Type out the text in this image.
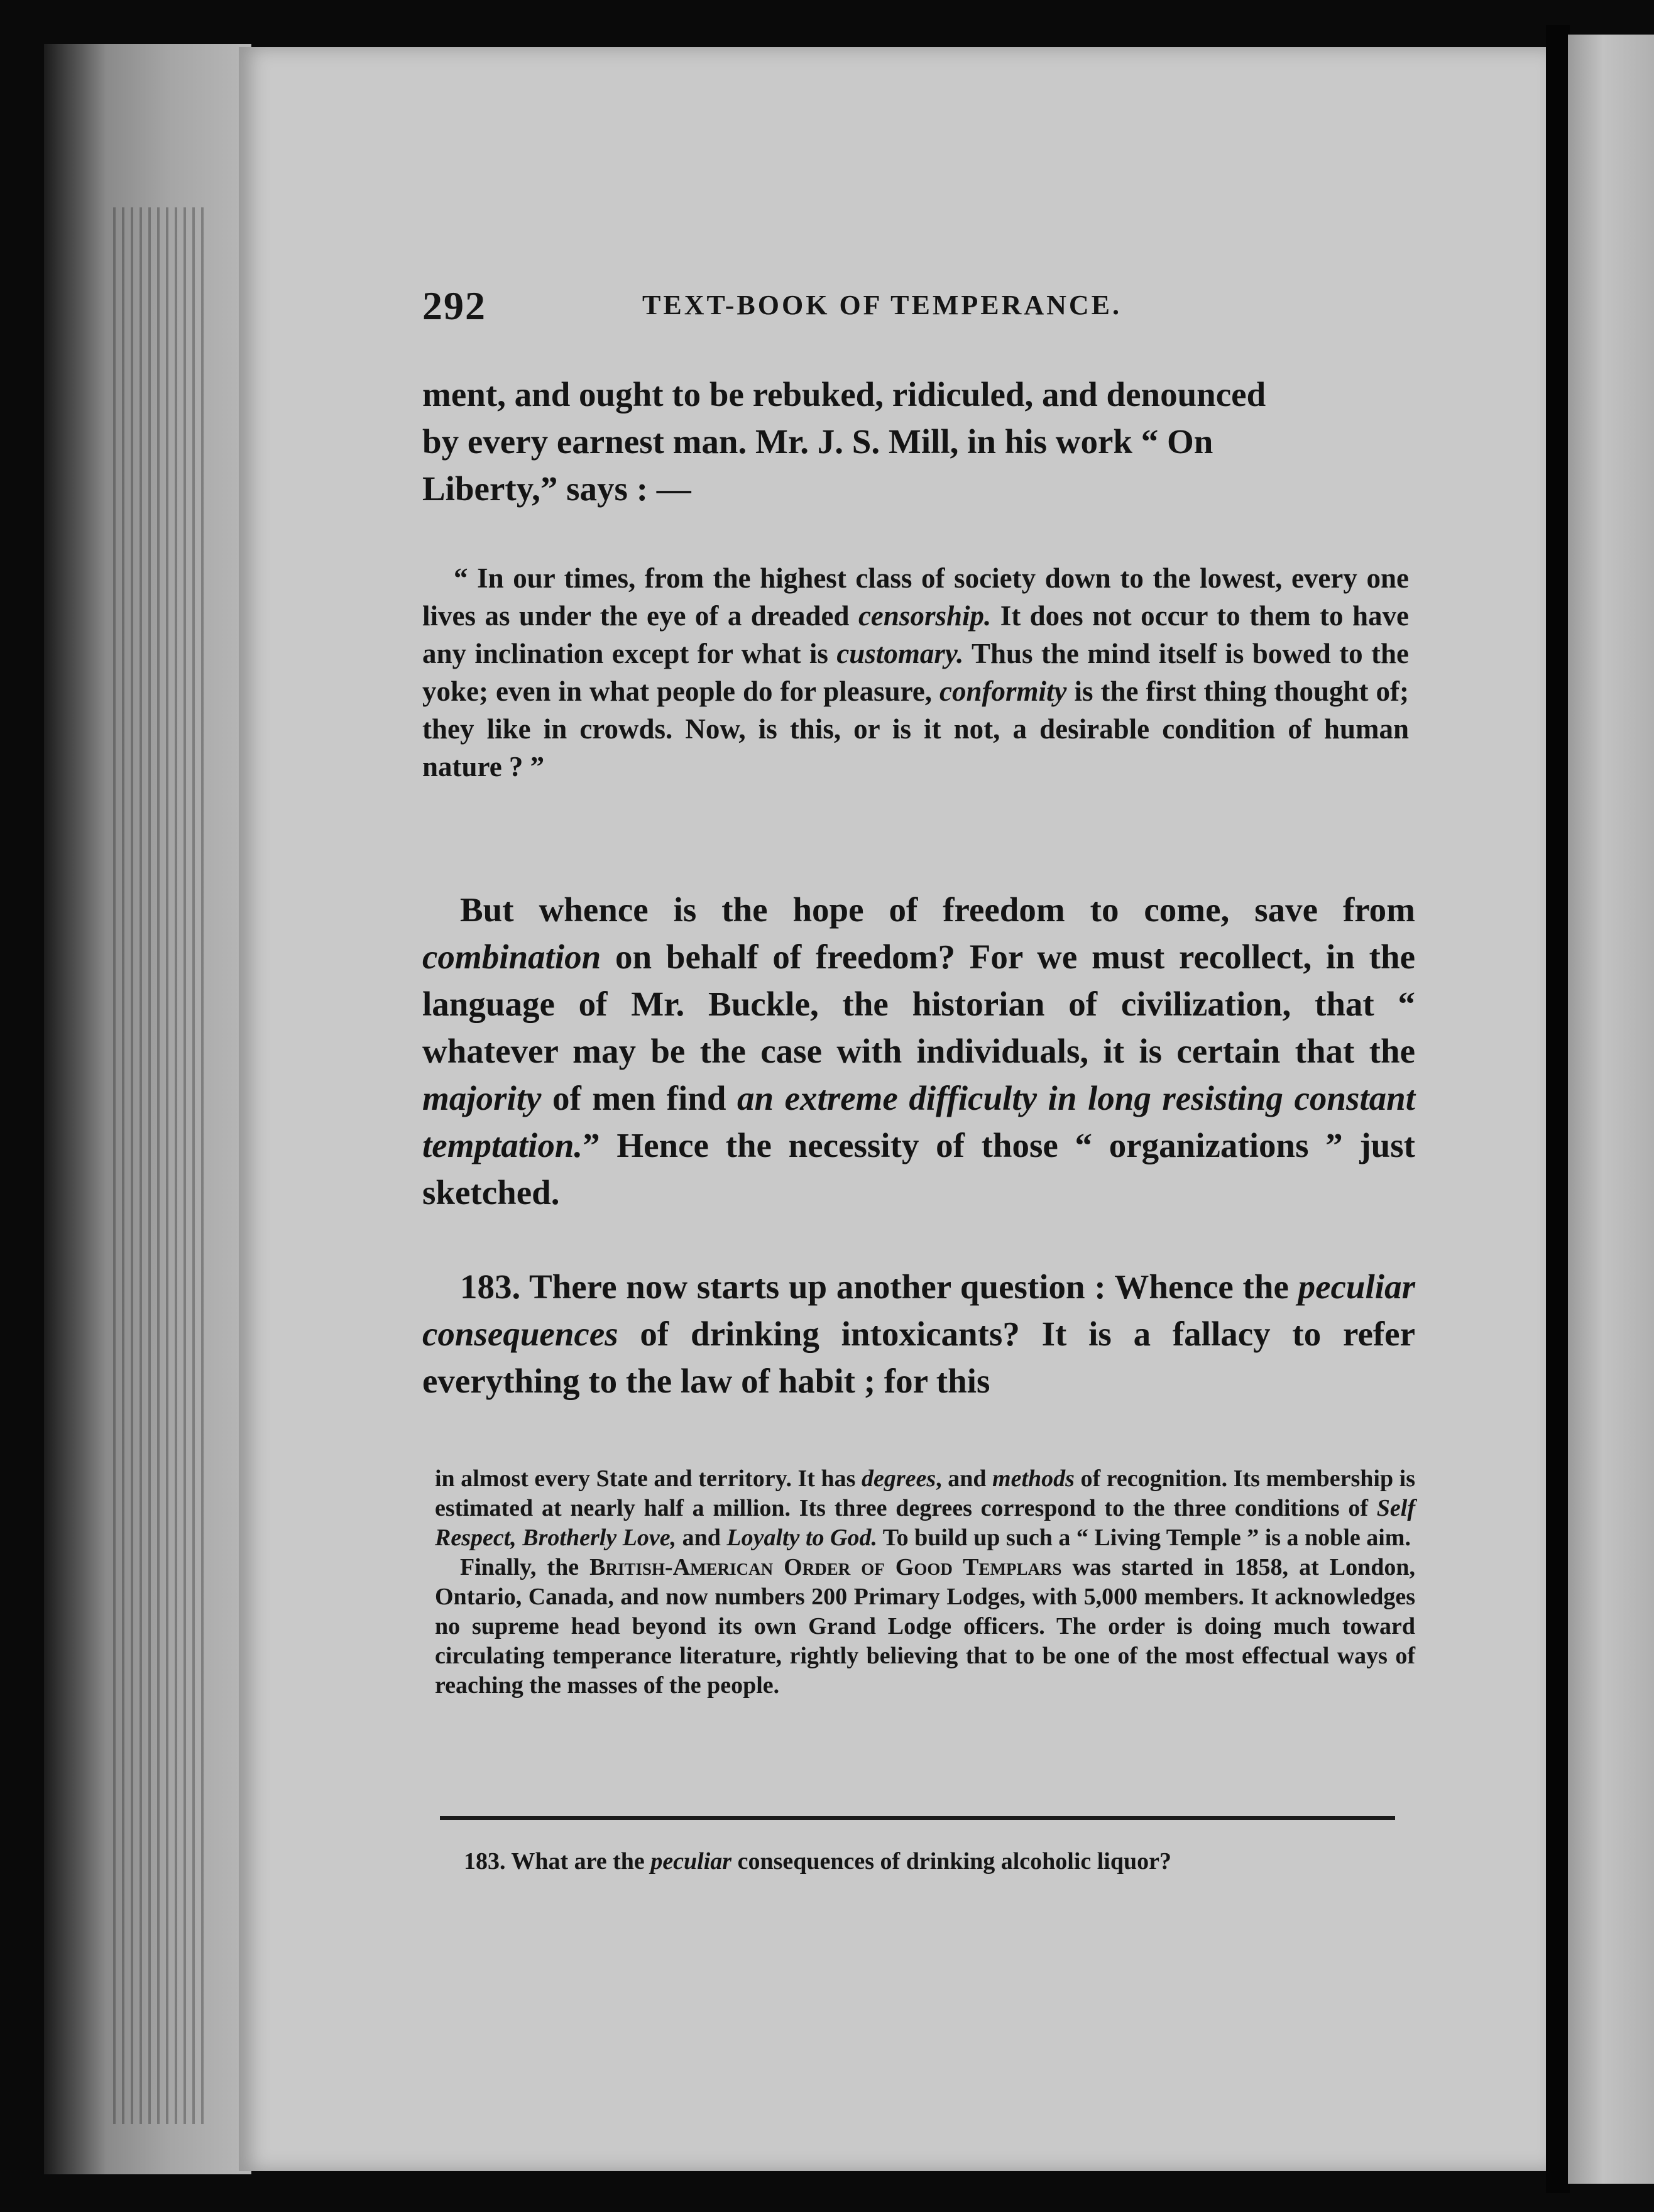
292	TEXT-BOOK OF TEMPERANCE.

ment, and ought to be rebuked, ridiculed, and denounced

by every earnest man. Mr. J. S. Mill, in his work “ On

Liberty,” says : —

“ In our times, from the highest class of society down to the lowest, every one lives as under the eye of a dreaded censorship. It does not occur to them to have any inclination except for what is customary. Thus the mind itself is bowed to the yoke; even in what people do for pleasure, conformity is the first thing thought of; they like in crowds. Now, is this, or is it not, a desirable condition of human nature ? ”

But whence is the hope of freedom to come, save from combination on behalf of freedom? For we must recollect, in the language of Mr. Buckle, the historian of civilization, that “ whatever may be the case with individuals, it is certain that the majority of men find an extreme difficulty in long resisting constant temptation.” Hence the necessity of those “ organizations ” just sketched.

183. There now starts up another question : Whence the peculiar consequences of drinking intoxicants? It is a fallacy to refer everything to the law of habit ; for this

in almost every State and territory. It has degrees, and methods of recognition. Its membership is estimated at nearly half a million. Its three degrees correspond to the three conditions of Self Respect, Brotherly Love, and Loyalty to God. To build up such a “ Living Temple ” is a noble aim.

Finally, the British-American Order of Good Templars was started in 1858, at London, Ontario, Canada, and now numbers 200 Primary Lodges, with 5,000 members. It acknowledges no supreme head beyond its own Grand Lodge officers. The order is doing much toward circulating temperance literature, rightly believing that to be one of the most effectual ways of reaching the masses of the people.

183. What are the peculiar consequences of drinking alcoholic liquor?
